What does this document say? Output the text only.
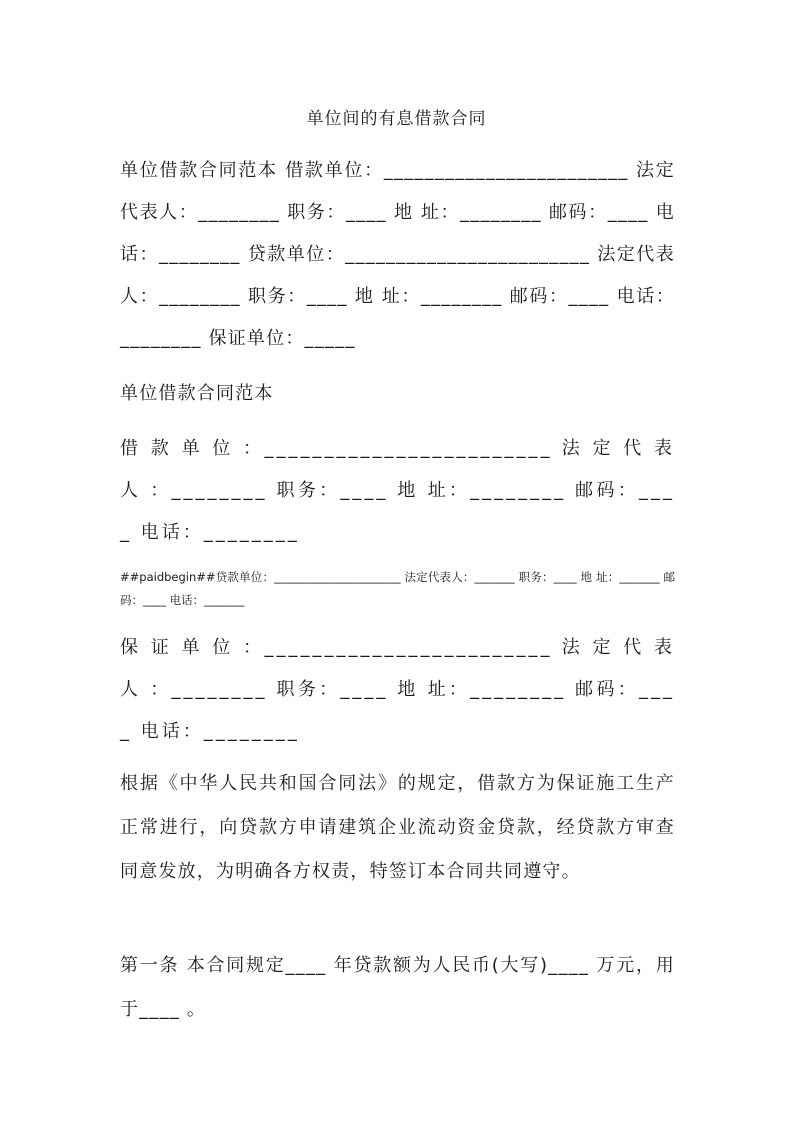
单位间的有息借款合同

单位借款合同范本 借款单位：________________________ 法定代表人：________ 职务：____ 地 址：________ 邮码：____ 电话：________ 贷款单位：________________________ 法定代表人：________ 职务：____ 地 址：________ 邮码：____ 电话：________ 保证单位：_____

单位借款合同范本

借 款 单 位 ：________________________ 法 定 代 表 人 ：________ 职务：____ 地 址：________ 邮码：____ 电话：________

##paidbegin##贷款单位：______________________ 法定代表人：_______ 职务：____ 地 址：_______ 邮码：____ 电话：_______

保 证 单 位 ：________________________ 法 定 代 表 人 ：________ 职务：____ 地 址：________ 邮码：____ 电话：________

根据《中华人民共和国合同法》的规定，借款方为保证施工生产正常进行，向贷款方申请建筑企业流动资金贷款，经贷款方审查同意发放，为明确各方权责，特签订本合同共同遵守。

第一条 本合同规定____ 年贷款额为人民币(大写)____ 万元，用于____ 。
